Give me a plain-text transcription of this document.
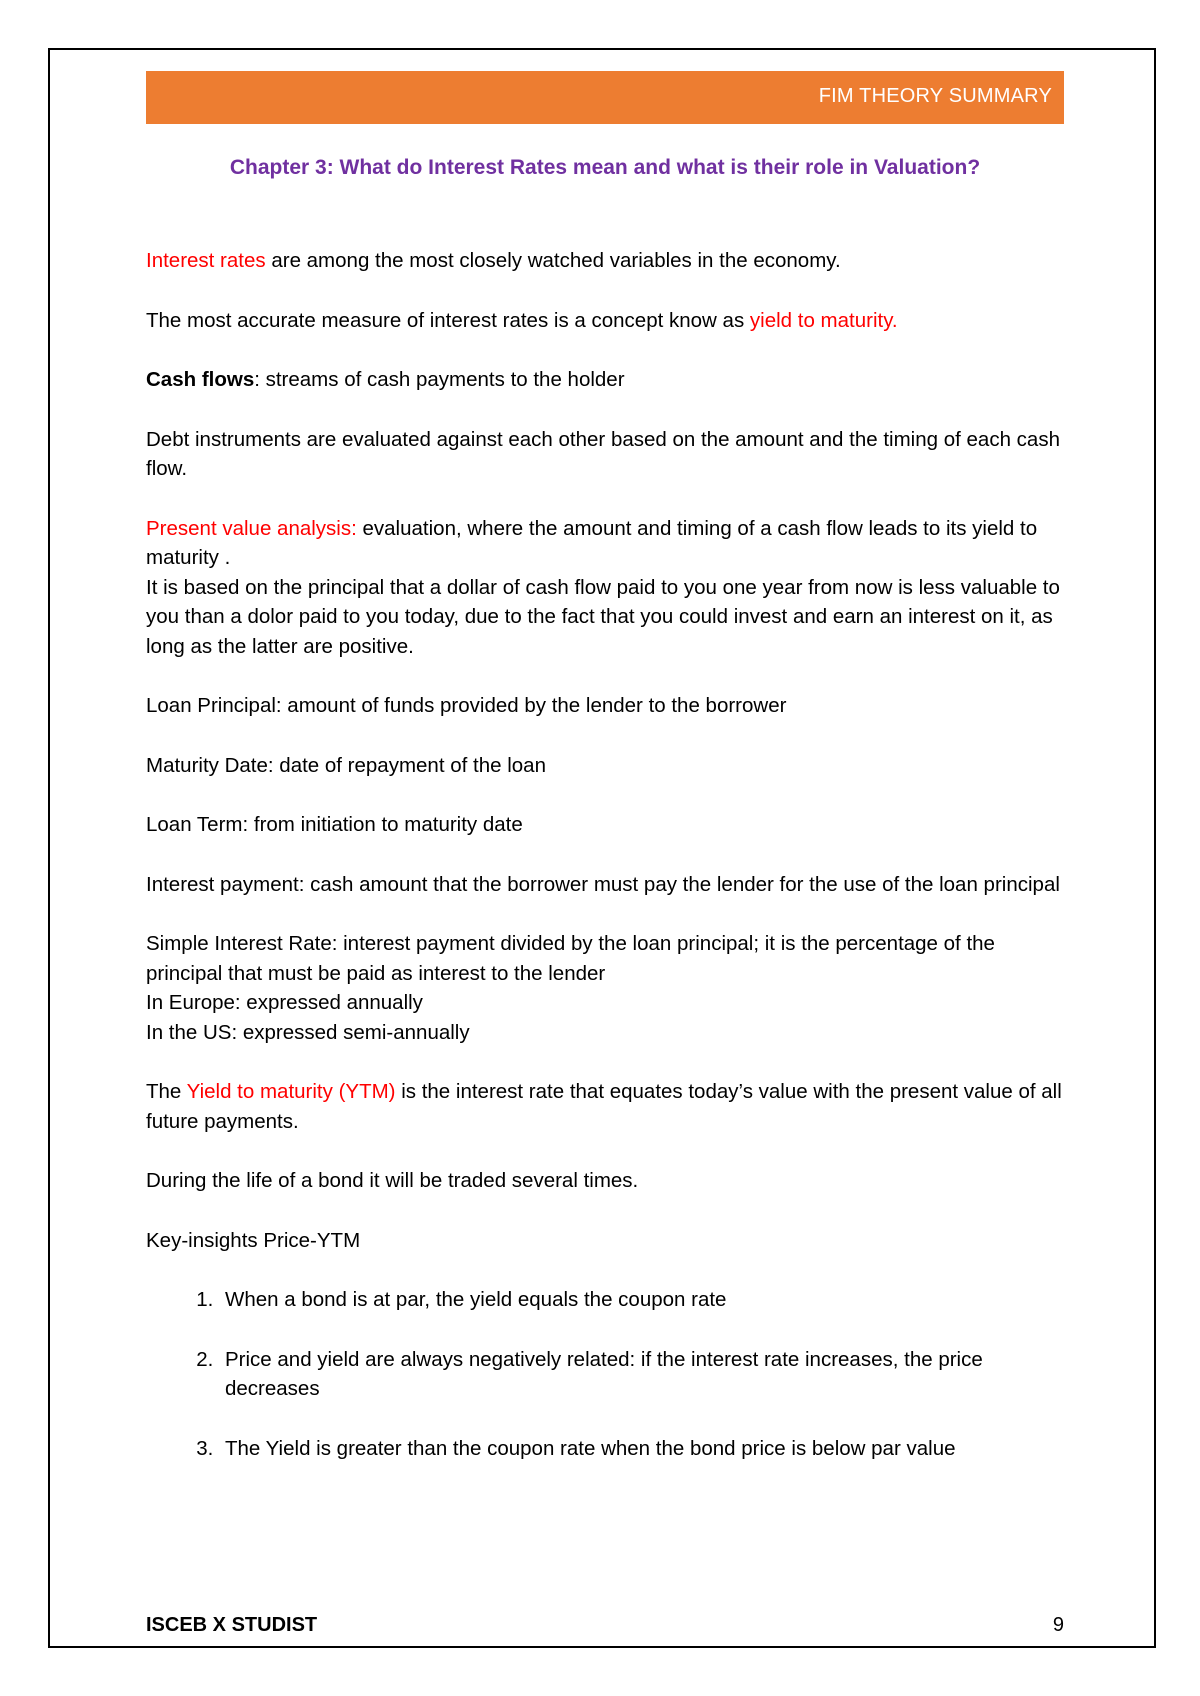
FIM THEORY SUMMARY
Chapter 3: What do Interest Rates mean and what is their role in Valuation?

Interest rates are among the most closely watched variables in the economy.

The most accurate measure of interest rates is a concept know as yield to maturity.

Cash flows: streams of cash payments to the holder

Debt instruments are evaluated against each other based on the amount and the timing of each cash flow.

Present value analysis: evaluation, where the amount and timing of a cash flow leads to its yield to maturity .
It is based on the principal that a dollar of cash flow paid to you one year from now is less valuable to you than a dolor paid to you today, due to the fact that you could invest and earn an interest on it, as long as the latter are positive.

Loan Principal: amount of funds provided by the lender to the borrower

Maturity Date: date of repayment of the loan

Loan Term: from initiation to maturity date

Interest payment: cash amount that the borrower must pay the lender for the use of the loan principal

Simple Interest Rate: interest payment divided by the loan principal; it is the percentage of the principal that must be paid as interest to the lender
In Europe: expressed annually
In the US: expressed semi-annually

The Yield to maturity (YTM) is the interest rate that equates today’s value with the present value of all future payments.

During the life of a bond it will be traded several times.

Key-insights Price-YTM

1. When a bond is at par, the yield equals the coupon rate
2. Price and yield are always negatively related: if the interest rate increases, the price decreases
3. The Yield is greater than the coupon rate when the bond price is below par value
ISCEB X STUDIST	9
